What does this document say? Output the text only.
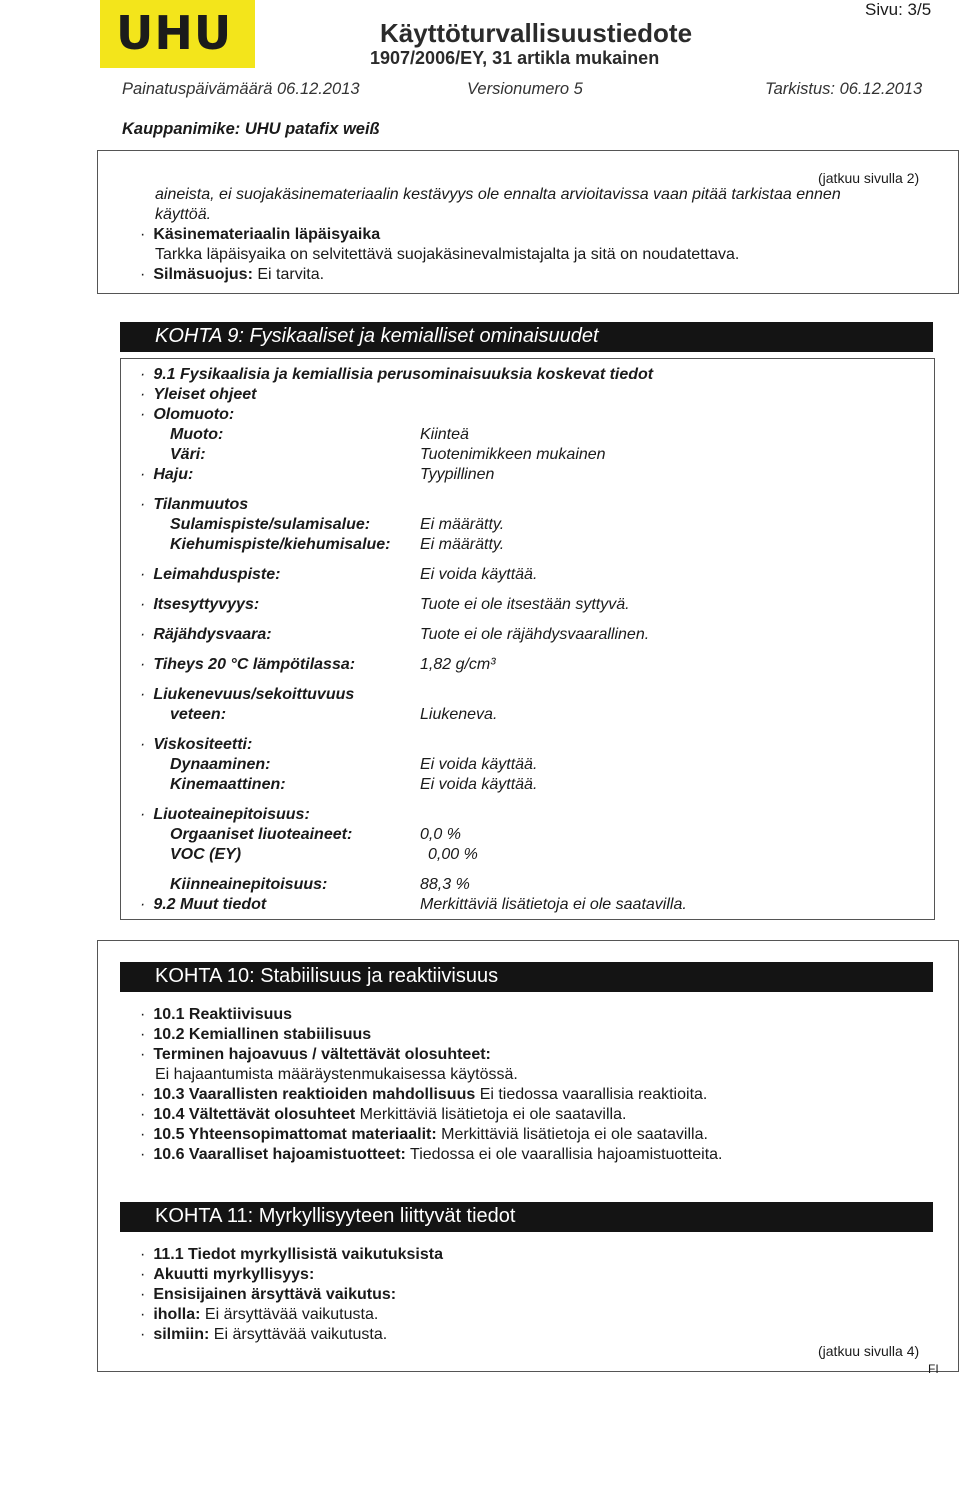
UHU	Käyttöturvallisuustiedote
1907/2006/EY, 31 artikla mukainen
Sivu: 3/5
Painatuspäivämäärä 06.12.2013	Versionumero 5	Tarkistus: 06.12.2013
Kauppanimike: UHU patafix weiß
(jatkuu sivulla 2)
aineista, ei suojakäsinemateriaalin kestävyys ole ennalta arvioitavissa vaan pitää tarkistaa ennen
käyttöä.
· Käsinemateriaalin läpäisyaika
Tarkka läpäisyaika on selvitettävä suojakäsinevalmistajalta ja sitä on noudatettava.
· Silmäsuojus: Ei tarvita.
KOHTA 9: Fysikaaliset ja kemialliset ominaisuudet
· 9.1 Fysikaalisia ja kemiallisia perusominaisuuksia koskevat tiedot
· Yleiset ohjeet
· Olomuoto:
Muoto:	Kiinteä
Väri:	Tuotenimikkeen mukainen
· Haju:	Tyypillinen
· Tilanmuutos
Sulamispiste/sulamisalue:	Ei määrätty.
Kiehumispiste/kiehumisalue: Ei määrätty.
· Leimahduspiste:	Ei voida käyttää.
· Itsesyttyvyys:	Tuote ei ole itsestään syttyvä.
· Räjähdysvaara:	Tuote ei ole räjähdysvaarallinen.
· Tiheys 20 °C lämpötilassa:	1,82 g/cm³
· Liukenevuus/sekoittuvuus
veteen:	Liukeneva.
· Viskositeetti:
Dynaaminen:	Ei voida käyttää.
Kinemaattinen:	Ei voida käyttää.
· Liuoteainepitoisuus:
Orgaaniset liuoteaineet:	0,0 %
VOC (EY)	0,00 %
Kiinneainepitoisuus:	88,3 %
· 9.2 Muut tiedot	Merkittäviä lisätietoja ei ole saatavilla.
KOHTA 10: Stabiilisuus ja reaktiivisuus
· 10.1 Reaktiivisuus
· 10.2 Kemiallinen stabiilisuus
· Terminen hajoavuus / vältettävät olosuhteet:
Ei hajaantumista määräystenmukaisessa käytössä.
· 10.3 Vaarallisten reaktioiden mahdollisuus Ei tiedossa vaarallisia reaktioita.
· 10.4 Vältettävät olosuhteet Merkittäviä lisätietoja ei ole saatavilla.
· 10.5 Yhteensopimattomat materiaalit: Merkittäviä lisätietoja ei ole saatavilla.
· 10.6 Vaaralliset hajoamistuotteet: Tiedossa ei ole vaarallisia hajoamistuotteita.
KOHTA 11: Myrkyllisyyteen liittyvät tiedot
· 11.1 Tiedot myrkyllisistä vaikutuksista
· Akuutti myrkyllisyys:
· Ensisijainen ärsyttävä vaikutus:
· iholla: Ei ärsyttävää vaikutusta.
· silmiin: Ei ärsyttävää vaikutusta.
(jatkuu sivulla 4)
FI
